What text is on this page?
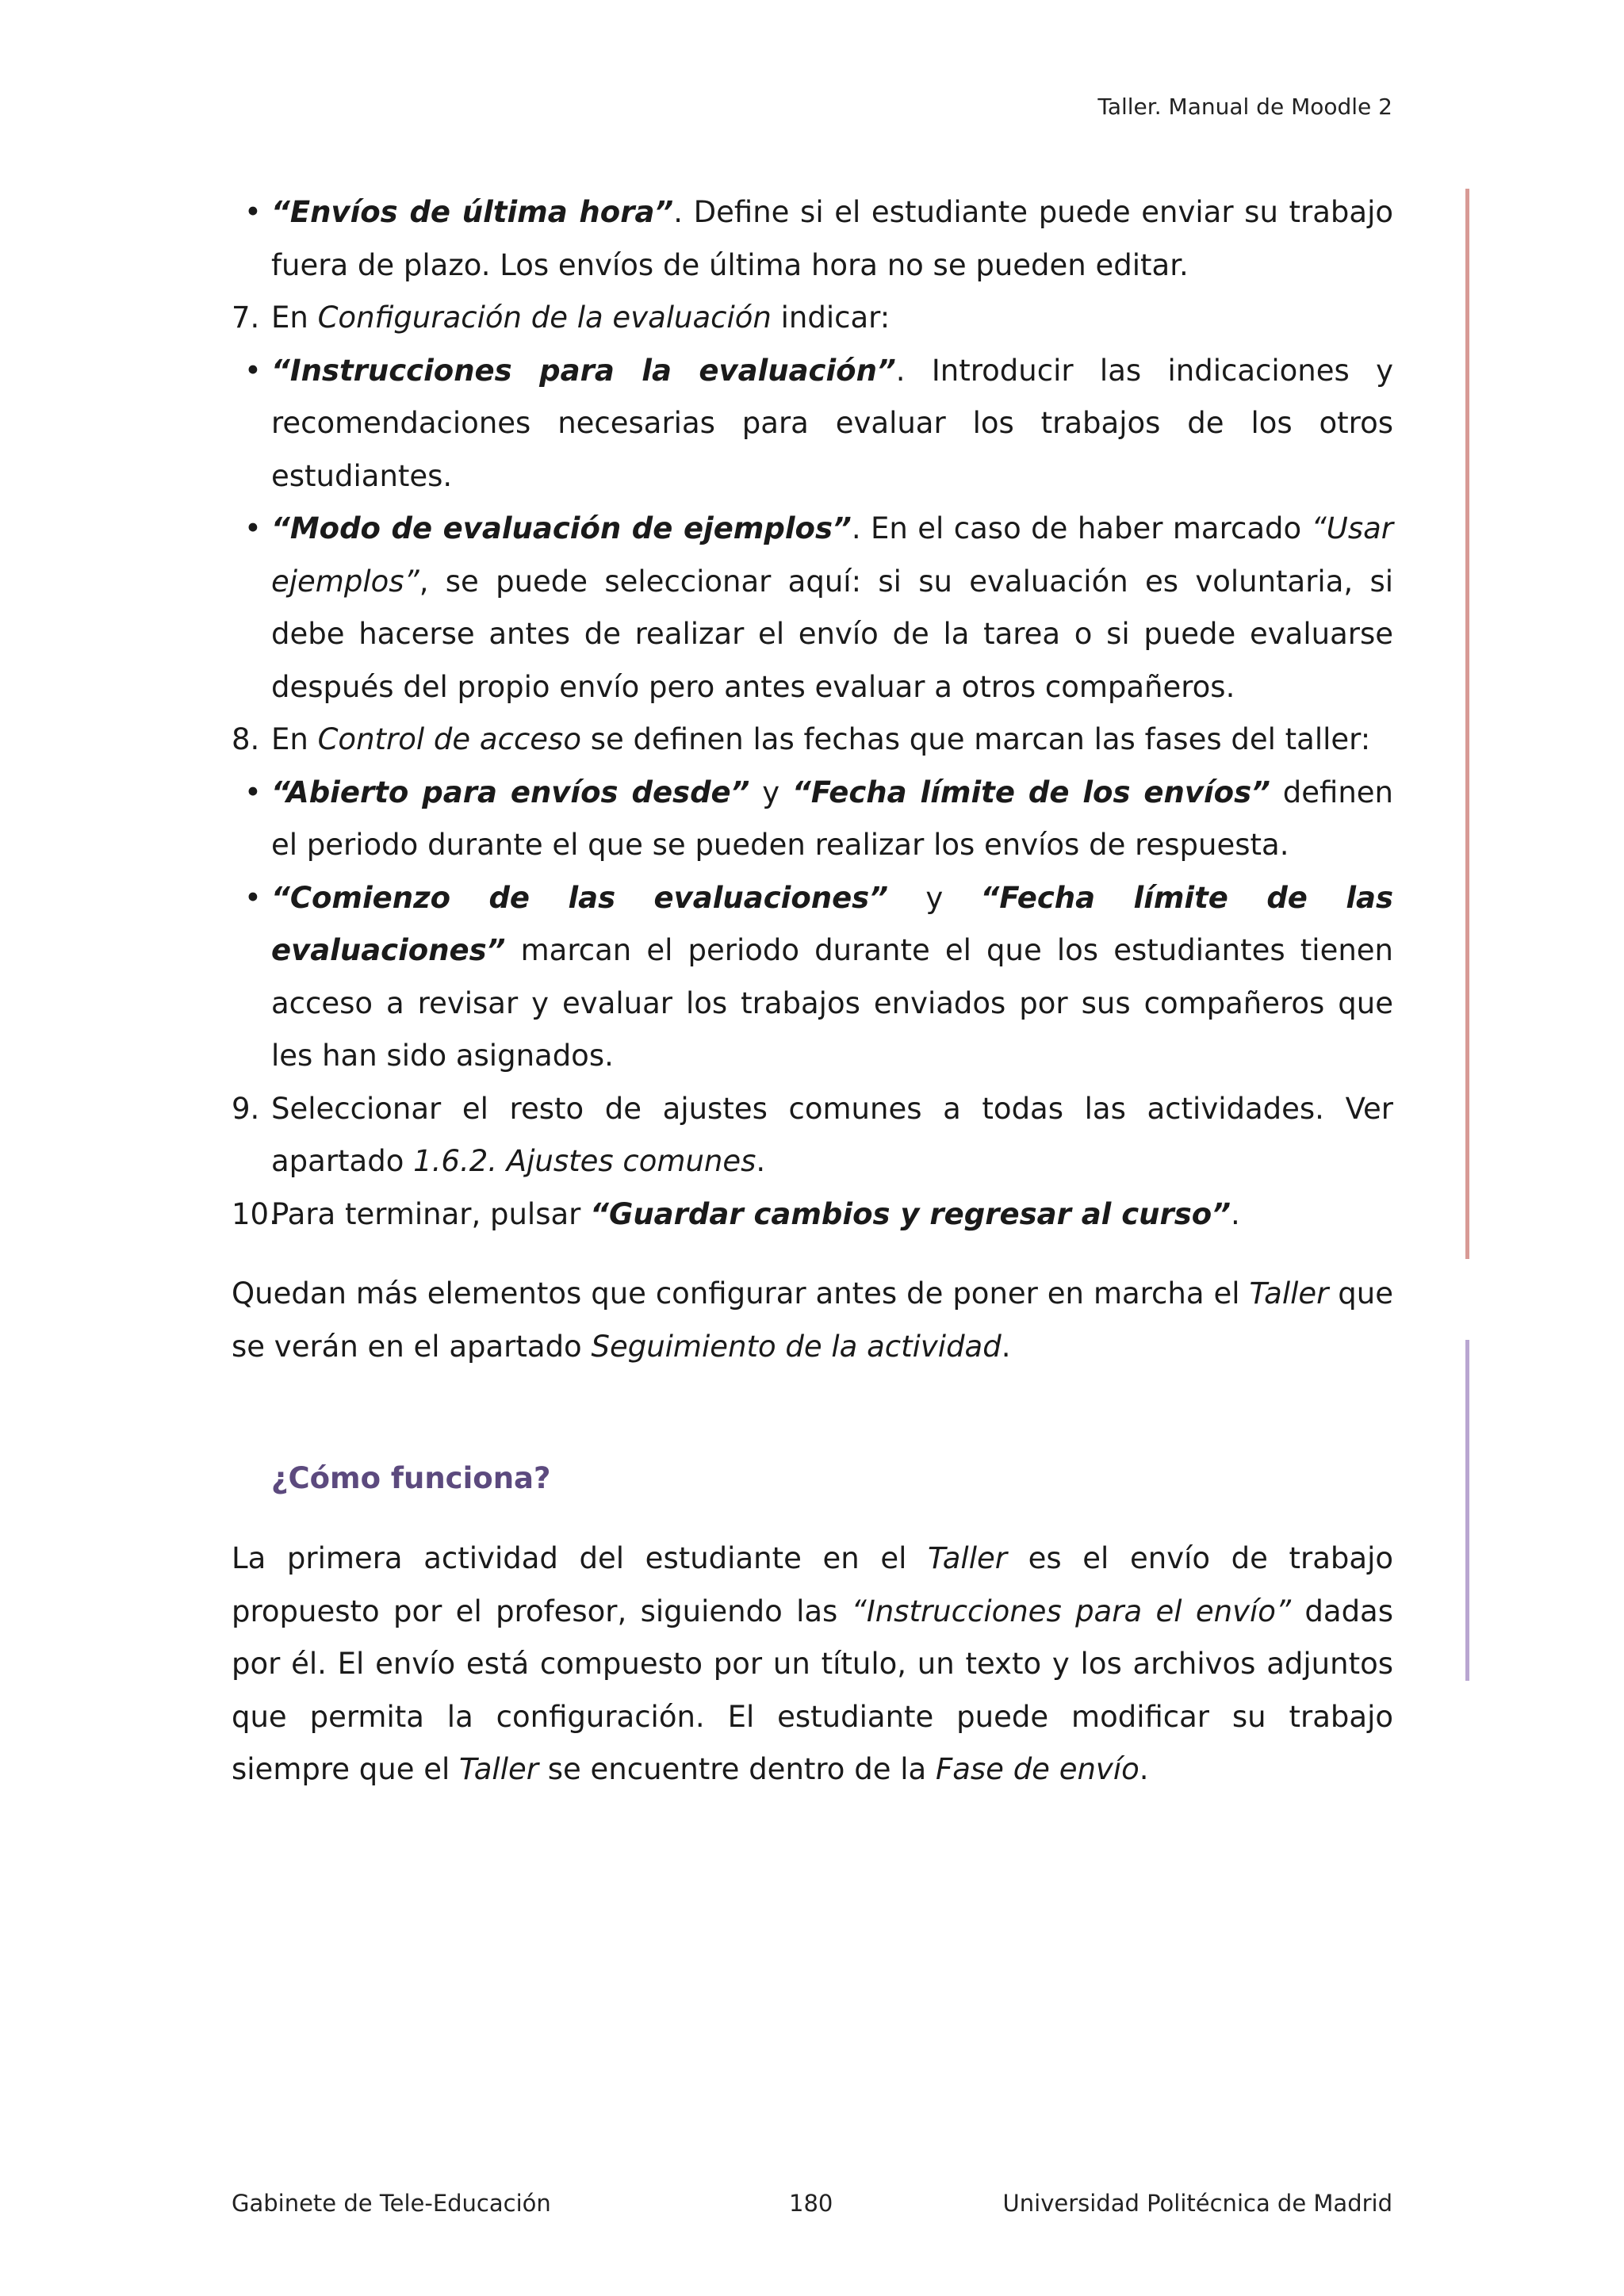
Taller. Manual de Moodle 2
• “Envíos de última hora”. Define si el estudiante puede enviar su trabajo fuera de plazo. Los envíos de última hora no se pueden editar.
7. En Configuración de la evaluación indicar:
• “Instrucciones para la evaluación”. Introducir las indicaciones y recomendaciones necesarias para evaluar los trabajos de los otros estudiantes.
• “Modo de evaluación de ejemplos”. En el caso de haber marcado “Usar ejemplos”, se puede seleccionar aquí: si su evaluación es voluntaria, si debe hacerse antes de realizar el envío de la tarea o si puede evaluarse después del propio envío pero antes evaluar a otros compañeros.
8. En Control de acceso se definen las fechas que marcan las fases del taller:
• “Abierto para envíos desde” y “Fecha límite de los envíos” definen el periodo durante el que se pueden realizar los envíos de respuesta.
• “Comienzo de las evaluaciones” y “Fecha límite de las evaluaciones” marcan el periodo durante el que los estudiantes tienen acceso a revisar y evaluar los trabajos enviados por sus compañeros que les han sido asignados.
9. Seleccionar el resto de ajustes comunes a todas las actividades. Ver apartado 1.6.2. Ajustes comunes.
10.
Para terminar, pulsar “Guardar cambios y regresar al curso”.
Quedan más elementos que configurar antes de poner en marcha el Taller que se verán en el apartado Seguimiento de la actividad.
¿Cómo funciona?
La primera actividad del estudiante en el Taller es el envío de trabajo propuesto por el profesor, siguiendo las “Instrucciones para el envío” dadas por él. El envío está compuesto por un título, un texto y los archivos adjuntos que permita la configuración. El estudiante puede modificar su trabajo siempre que el Taller se encuentre dentro de la Fase de envío.
Gabinete de Tele-Educación	180	Universidad Politécnica de Madrid
